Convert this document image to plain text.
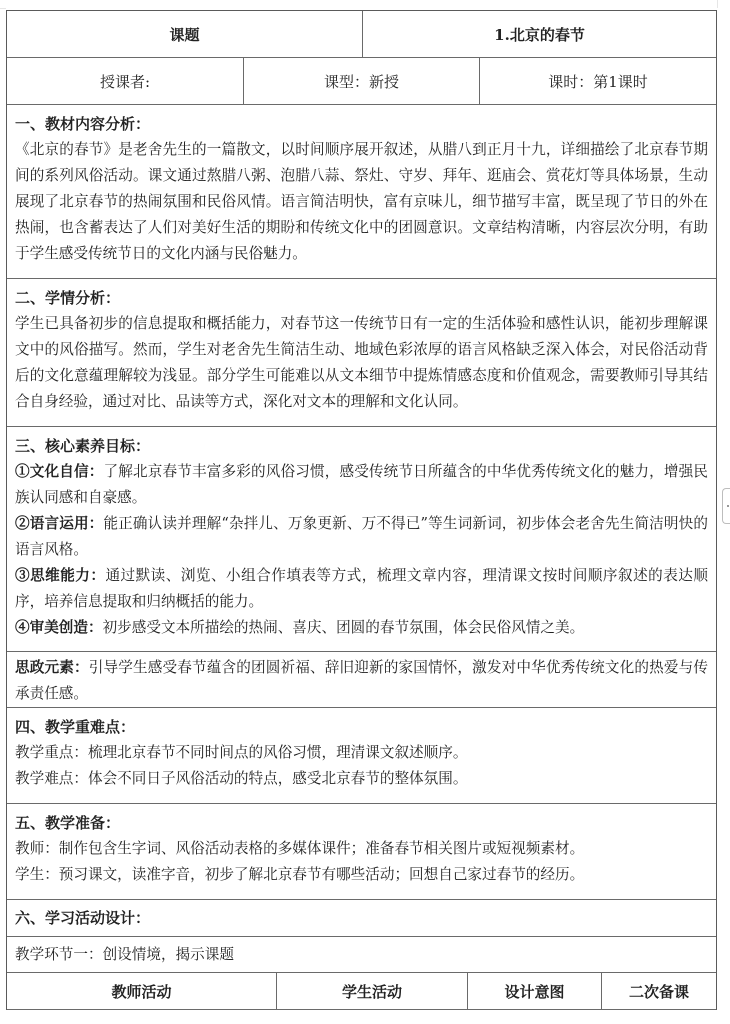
课题	1.北京的春节
授课者:	课型：新授	课时：第1课时
一、教材内容分析：

《北京的春节》是老舍先生的一篇散文，以时间顺序展开叙述，从腊八到正月十九，详细描绘了北京春节期间的系列风俗活动。课文通过熬腊八粥、泡腊八蒜、祭灶、守岁、拜年、逛庙会、赏花灯等具体场景，生动展现了北京春节的热闹氛围和民俗风情。语言简洁明快，富有京味儿，细节描写丰富，既呈现了节日的外在热闹，也含蓄表达了人们对美好生活的期盼和传统文化中的团圆意识。文章结构清晰，内容层次分明，有助于学生感受传统节日的文化内涵与民俗魅力。

二、学情分析：

学生已具备初步的信息提取和概括能力，对春节这一传统节日有一定的生活体验和感性认识，能初步理解课文中的风俗描写。然而，学生对老舍先生简洁生动、地域色彩浓厚的语言风格缺乏深入体会，对民俗活动背后的文化意蕴理解较为浅显。部分学生可能难以从文本细节中提炼情感态度和价值观念，需要教师引导其结合自身经验，通过对比、品读等方式，深化对文本的理解和文化认同。

三、核心素养目标：

①文化自信：了解北京春节丰富多彩的风俗习惯，感受传统节日所蕴含的中华优秀传统文化的魅力，增强民族认同感和自豪感。

②语言运用：能正确认读并理解“杂拌儿、万象更新、万不得已”等生词新词，初步体会老舍先生简洁明快的语言风格。

③思维能力：通过默读、浏览、小组合作填表等方式，梳理文章内容，理清课文按时间顺序叙述的表达顺序，培养信息提取和归纳概括的能力。

④审美创造：初步感受文本所描绘的热闹、喜庆、团圆的春节氛围，体会民俗风情之美。

思政元素：引导学生感受春节蕴含的团圆祈福、辞旧迎新的家国情怀，激发对中华优秀传统文化的热爱与传承责任感。

四、教学重难点：
教学重点：梳理北京春节不同时间点的风俗习惯，理清课文叙述顺序。
教学难点：体会不同日子风俗活动的特点，感受北京春节的整体氛围。
五、教学准备：
教师：制作包含生字词、风俗活动表格的多媒体课件；准备春节相关图片或短视频素材。
学生：预习课文，读准字音，初步了解北京春节有哪些活动；回想自己家过春节的经历。
六、学习活动设计：
教学环节一：创设情境，揭示课题
教师活动	学生活动	设计意图	二次备课
